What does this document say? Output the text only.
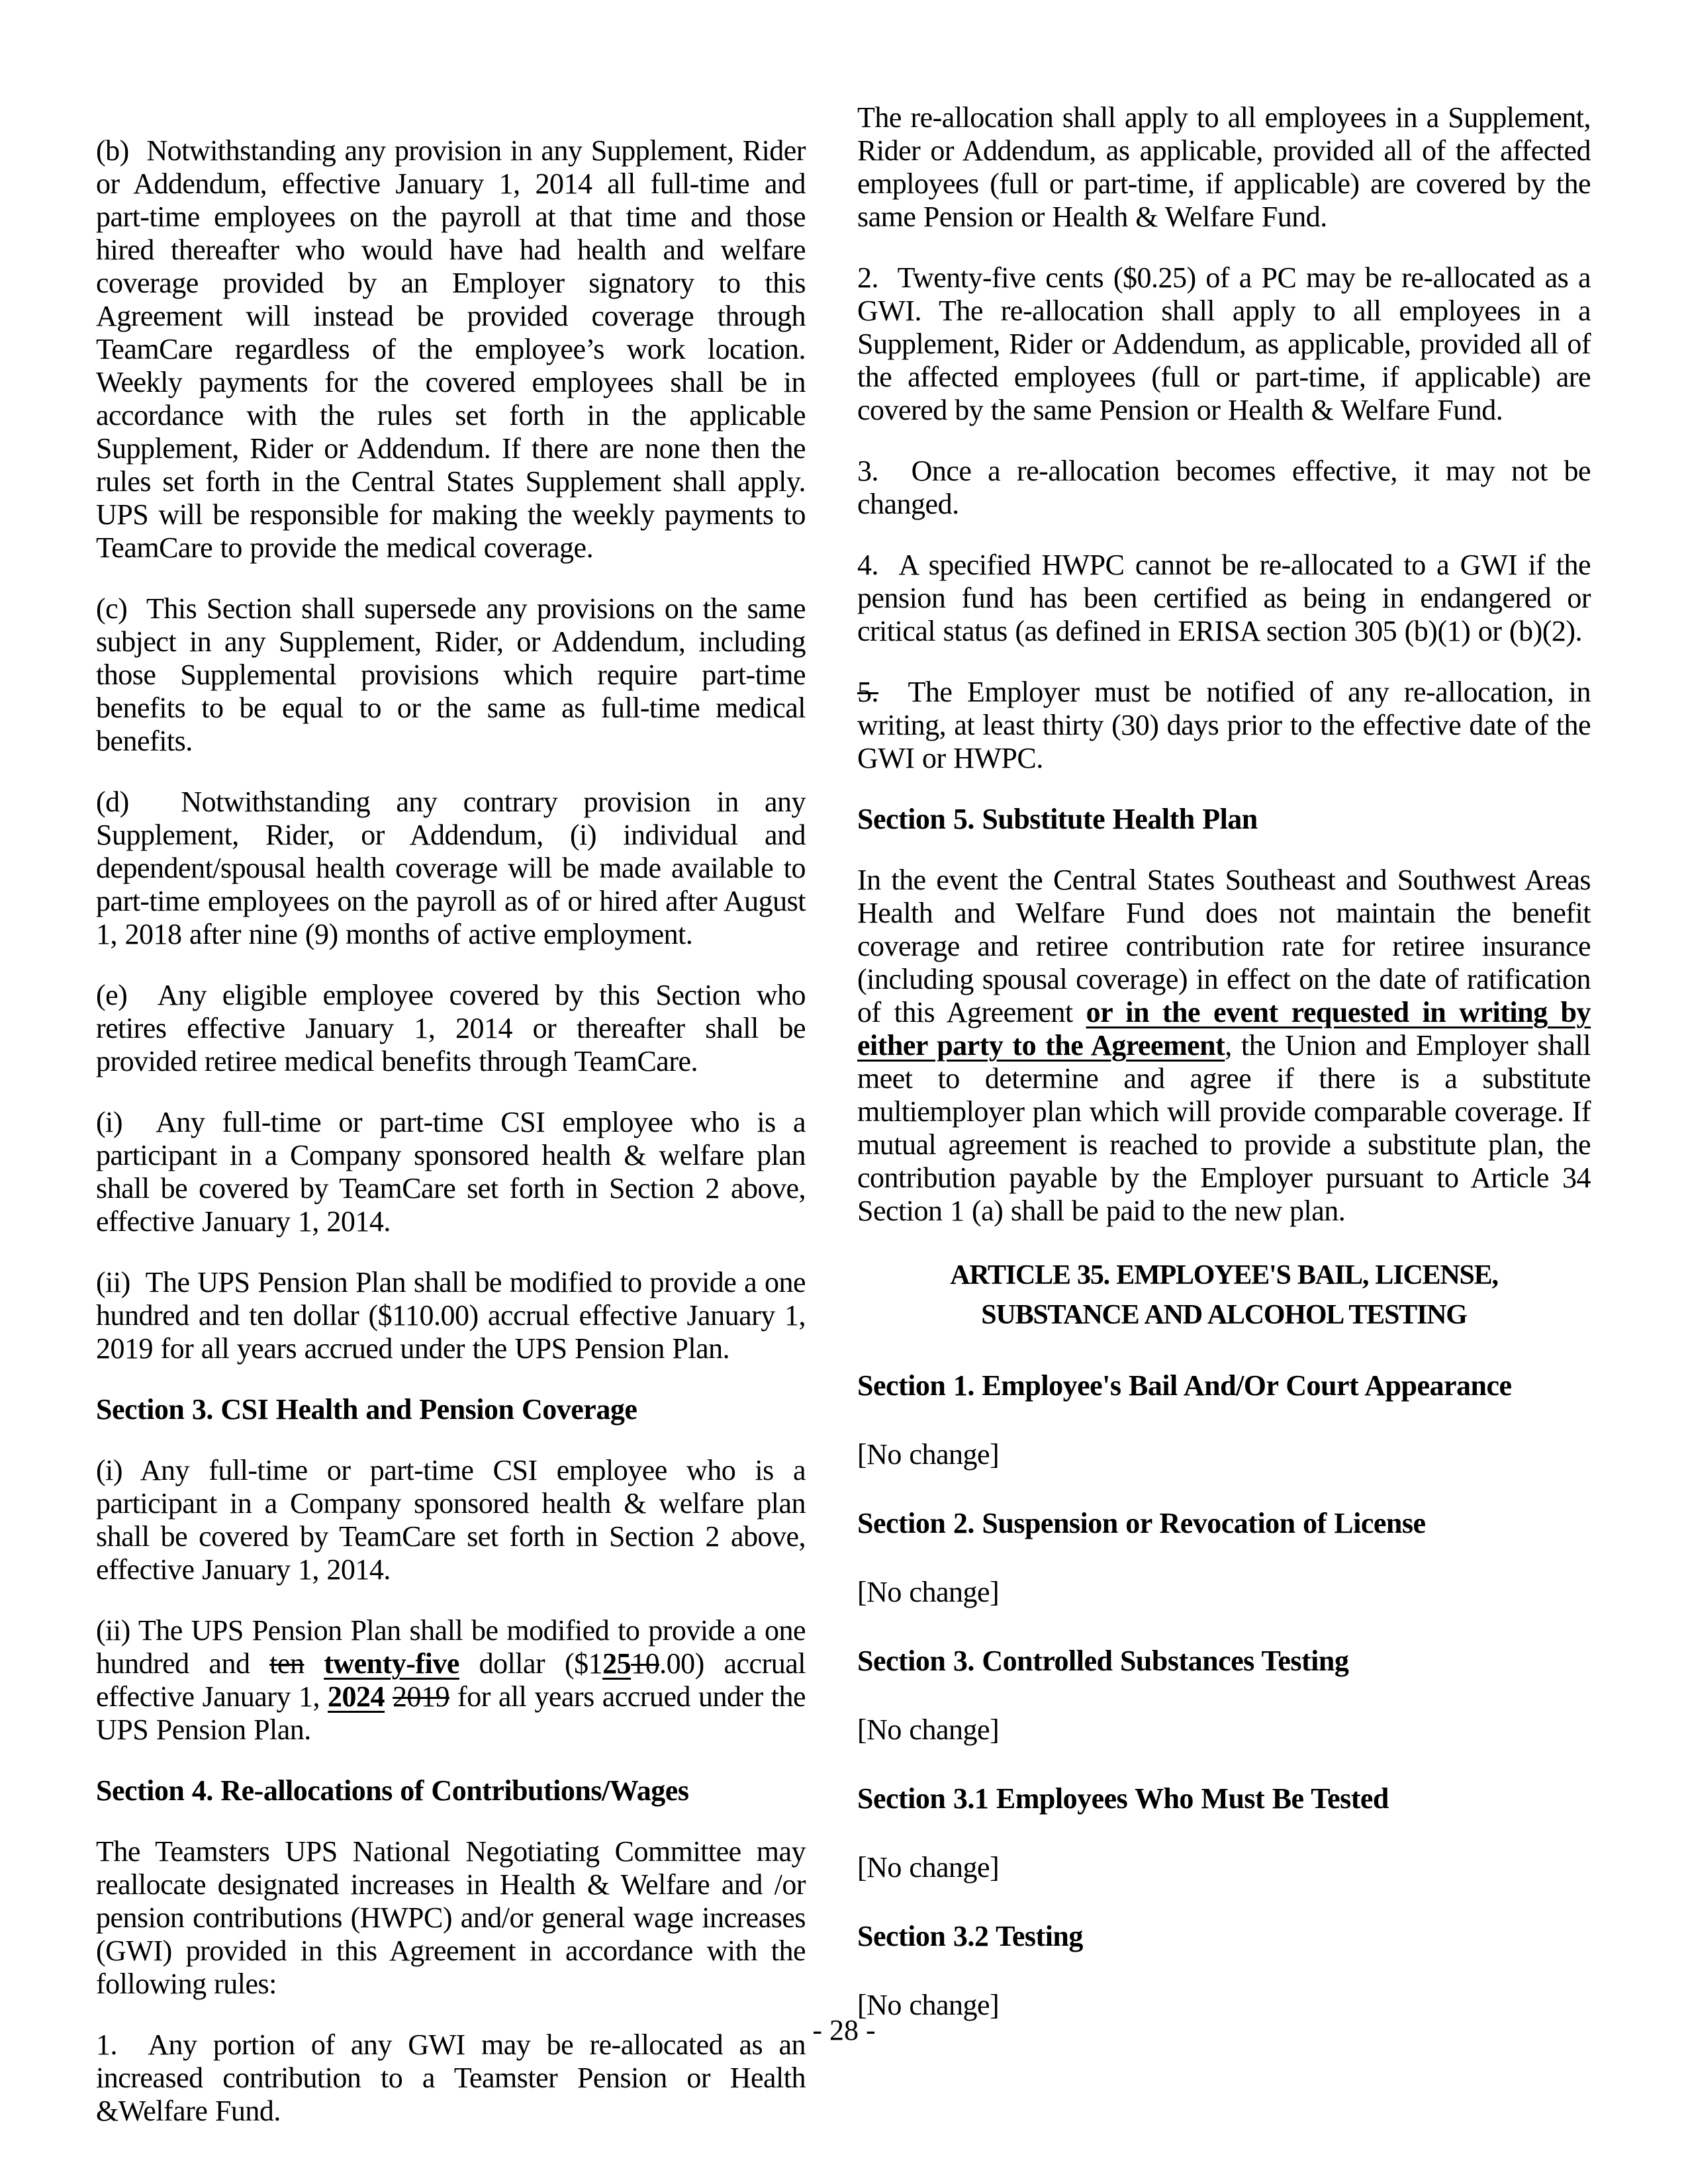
(b)  Notwithstanding any provision in any Supplement, Rider or Addendum, effective January 1, 2014 all full-time and part-time employees on the payroll at that time and those hired thereafter who would have had health and welfare coverage provided by an Employer signatory to this Agreement will instead be provided coverage through TeamCare regardless of the employee’s work location. Weekly payments for the covered employees shall be in accordance with the rules set forth in the applicable Supplement, Rider or Addendum. If there are none then the rules set forth in the Central States Supplement shall apply. UPS will be responsible for making the weekly payments to TeamCare to provide the medical coverage.
(c)  This Section shall supersede any provisions on the same subject in any Supplement, Rider, or Addendum, including those Supplemental provisions which require part-time benefits to be equal to or the same as full-time medical benefits.
(d)  Notwithstanding any contrary provision in any Supplement, Rider, or Addendum, (i) individual and dependent/spousal health coverage will be made available to part-time employees on the payroll as of or hired after August 1, 2018 after nine (9) months of active employment.
(e)  Any eligible employee covered by this Section who retires effective January 1, 2014 or thereafter shall be provided retiree medical benefits through TeamCare.
(i)  Any full-time or part-time CSI employee who is a participant in a Company sponsored health & welfare plan shall be covered by TeamCare set forth in Section 2 above, effective January 1, 2014.
(ii)  The UPS Pension Plan shall be modified to provide a one hundred and ten dollar ($110.00) accrual effective January 1, 2019 for all years accrued under the UPS Pension Plan.
Section 3. CSI Health and Pension Coverage
(i) Any full-time or part-time CSI employee who is a participant in a Company sponsored health & welfare plan shall be covered by TeamCare set forth in Section 2 above, effective January 1, 2014.
(ii) The UPS Pension Plan shall be modified to provide a one hundred and ten twenty-five dollar ($12510.00) accrual effective January 1, 2024 2019 for all years accrued under the UPS Pension Plan.
Section 4. Re-allocations of Contributions/Wages
The Teamsters UPS National Negotiating Committee may reallocate designated increases in Health & Welfare and /or pension contributions (HWPC) and/or general wage increases (GWI) provided in this Agreement in accordance with the following rules:
1.  Any portion of any GWI may be re-allocated as an increased contribution to a Teamster Pension or Health &Welfare Fund.
The re-allocation shall apply to all employees in a Supplement, Rider or Addendum, as applicable, provided all of the affected employees (full or part-time, if applicable) are covered by the same Pension or Health & Welfare Fund.
2.  Twenty-five cents ($0.25) of a PC may be re-allocated as a GWI. The re-allocation shall apply to all employees in a Supplement, Rider or Addendum, as applicable, provided all of the affected employees (full or part-time, if applicable) are covered by the same Pension or Health & Welfare Fund.
3.  Once a re-allocation becomes effective, it may not be changed.
4.  A specified HWPC cannot be re-allocated to a GWI if the pension fund has been certified as being in endangered or critical status (as defined in ERISA section 305 (b)(1) or (b)(2).
5.  The Employer must be notified of any re-allocation, in writing, at least thirty (30) days prior to the effective date of the GWI or HWPC.
Section 5. Substitute Health Plan
In the event the Central States Southeast and Southwest Areas Health and Welfare Fund does not maintain the benefit coverage and retiree contribution rate for retiree insurance (including spousal coverage) in effect on the date of ratification of this Agreement or in the event requested in writing by either party to the Agreement, the Union and Employer shall meet to determine and agree if there is a substitute multiemployer plan which will provide comparable coverage. If mutual agreement is reached to provide a substitute plan, the contribution payable by the Employer pursuant to Article 34 Section 1 (a) shall be paid to the new plan.
ARTICLE 35. EMPLOYEE'S BAIL, LICENSE,
SUBSTANCE AND ALCOHOL TESTING
Section 1. Employee's Bail And/Or Court Appearance
[No change]
Section 2. Suspension or Revocation of License
[No change]
Section 3. Controlled Substances Testing
[No change]
Section 3.1 Employees Who Must Be Tested
[No change]
Section 3.2 Testing
[No change]
- 28 -
